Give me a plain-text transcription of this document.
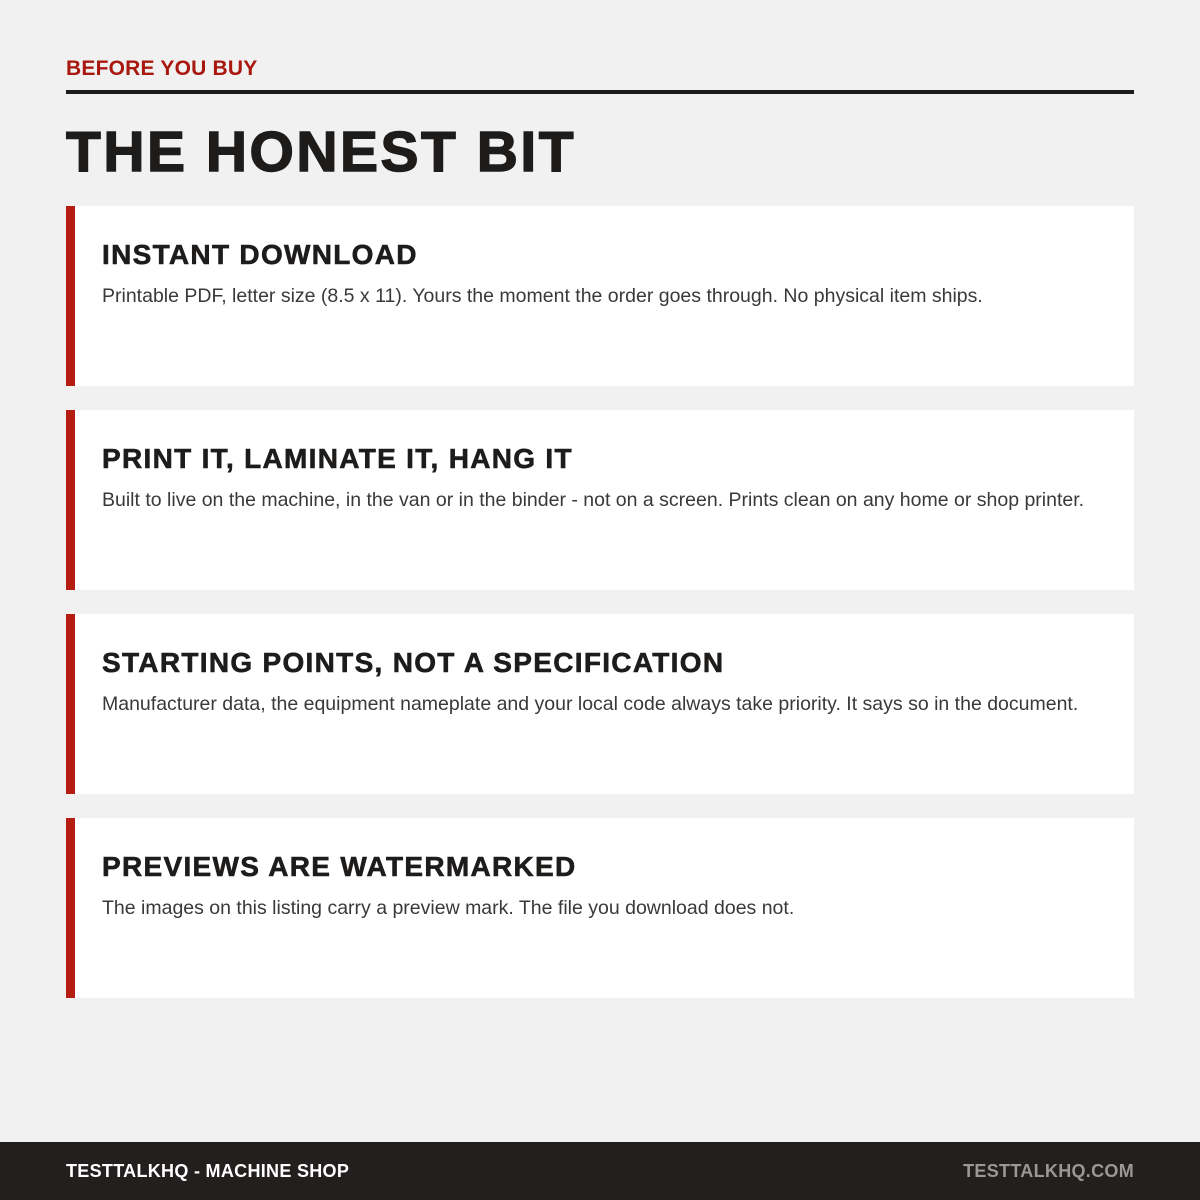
BEFORE YOU BUY
THE HONEST BIT
INSTANT DOWNLOAD
Printable PDF, letter size (8.5 x 11). Yours the moment the order goes through. No physical item ships.
PRINT IT, LAMINATE IT, HANG IT
Built to live on the machine, in the van or in the binder - not on a screen. Prints clean on any home or shop printer.
STARTING POINTS, NOT A SPECIFICATION
Manufacturer data, the equipment nameplate and your local code always take priority. It says so in the document.
PREVIEWS ARE WATERMARKED
The images on this listing carry a preview mark. The file you download does not.
TESTTALKHQ - MACHINE SHOP	TESTTALKHQ.COM
